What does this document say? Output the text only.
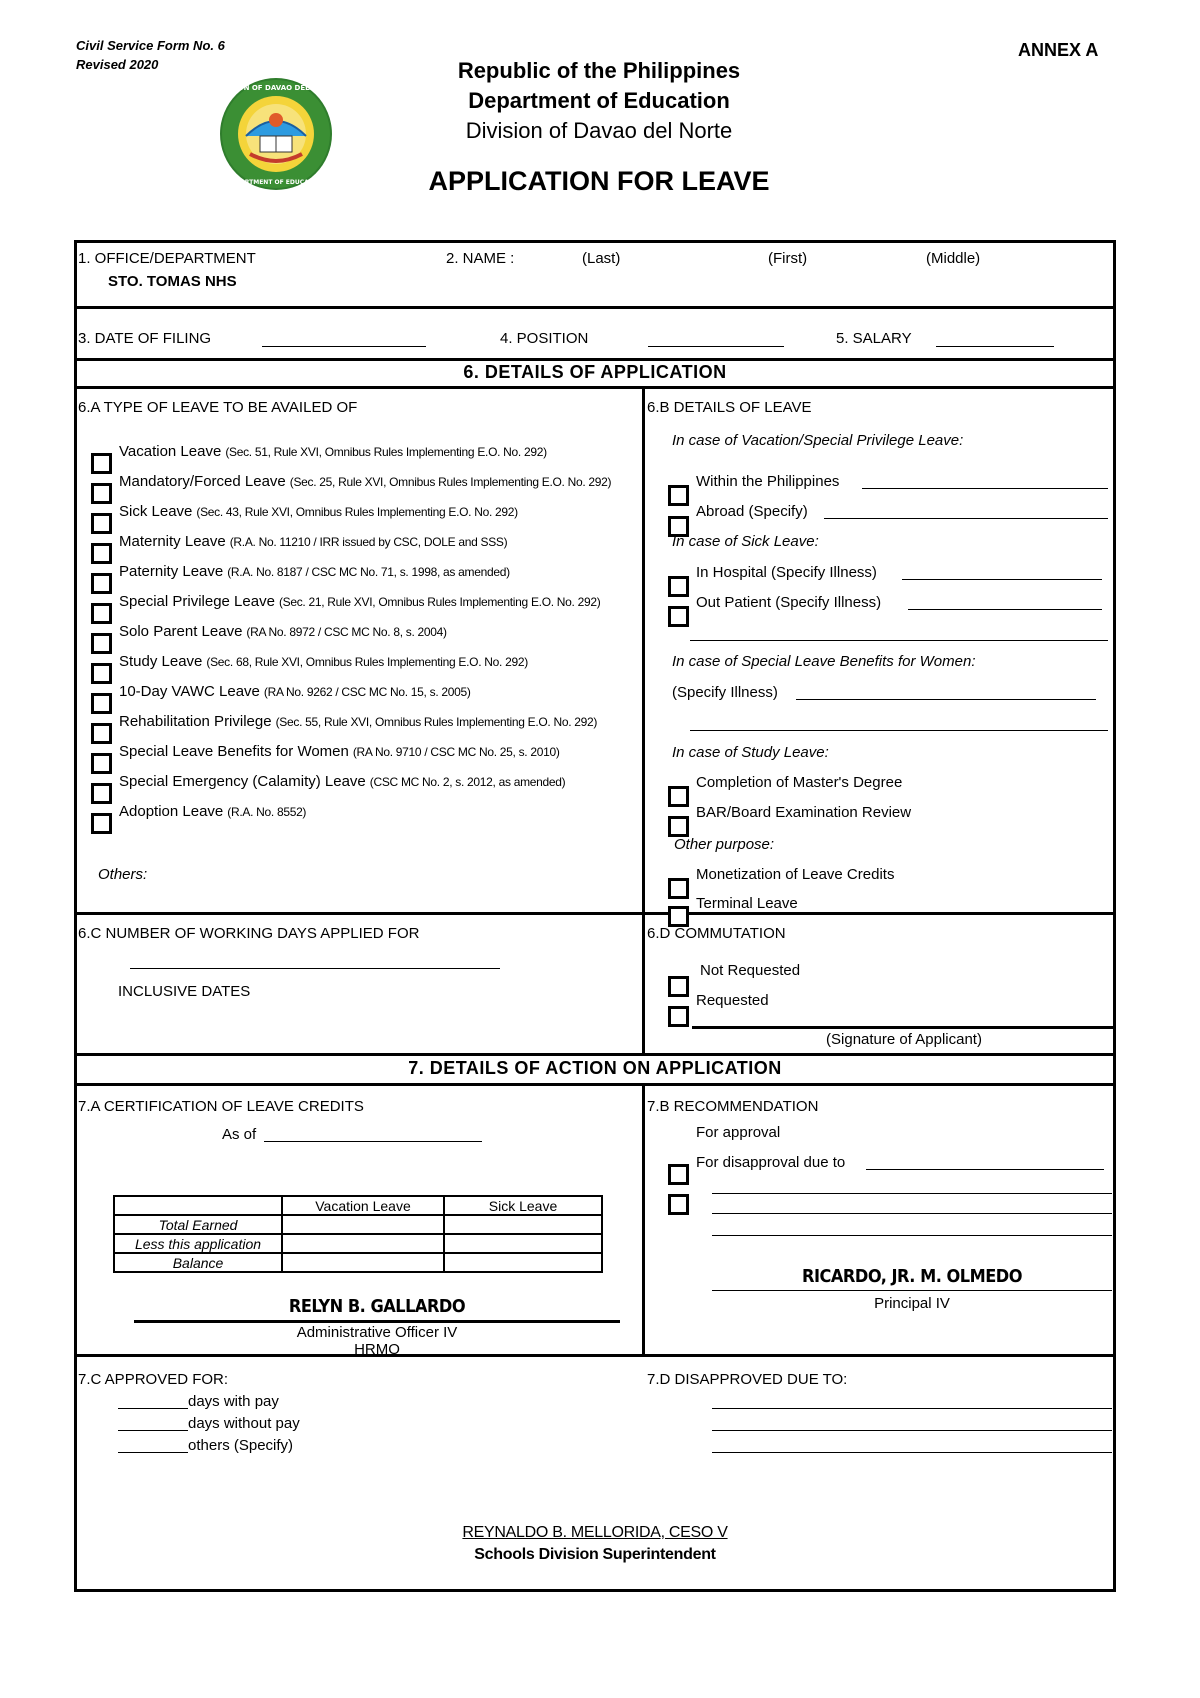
Civil Service Form No. 6
Revised 2020
ANNEX A
DIVISION OF DAVAO DEL NORTE
DEPARTMENT OF EDUCATION
Republic of the Philippines
Department of Education
Division of Davao del Norte
APPLICATION FOR LEAVE
1. OFFICE/DEPARTMENT
STO. TOMAS NHS
2. NAME :	(Last)	(First)	(Middle)
3. DATE OF FILING	4. POSITION	5. SALARY
6. DETAILS OF APPLICATION
6.A TYPE OF LEAVE TO BE AVAILED OF
Vacation Leave (Sec. 51, Rule XVI, Omnibus Rules Implementing E.O. No. 292)
Mandatory/Forced Leave (Sec. 25, Rule XVI, Omnibus Rules Implementing E.O. No. 292)
Sick Leave (Sec. 43, Rule XVI, Omnibus Rules Implementing E.O. No. 292)
Maternity Leave (R.A. No. 11210 / IRR issued by CSC, DOLE and SSS)
Paternity Leave (R.A. No. 8187 / CSC MC No. 71, s. 1998, as amended)
Special Privilege Leave (Sec. 21, Rule XVI, Omnibus Rules Implementing E.O. No. 292)
Solo Parent Leave (RA No. 8972 / CSC MC No. 8, s. 2004)
Study Leave (Sec. 68, Rule XVI, Omnibus Rules Implementing E.O. No. 292)
10-Day VAWC Leave (RA No. 9262 / CSC MC No. 15, s. 2005)
Rehabilitation Privilege (Sec. 55, Rule XVI, Omnibus Rules Implementing E.O. No. 292)
Special Leave Benefits for Women (RA No. 9710 / CSC MC No. 25, s. 2010)
Special Emergency (Calamity) Leave (CSC MC No. 2, s. 2012, as amended)
Adoption Leave (R.A. No. 8552)
Others:
6.B DETAILS OF LEAVE
In case of Vacation/Special Privilege Leave:
Within the Philippines
Abroad (Specify)
In case of Sick Leave:
In Hospital (Specify Illness)
Out Patient (Specify Illness)
In case of Special Leave Benefits for Women:
(Specify Illness)
In case of Study Leave:
Completion of Master's Degree
BAR/Board Examination Review
Other purpose:
Monetization of Leave Credits
Terminal Leave
6.C NUMBER OF WORKING DAYS APPLIED FOR
INCLUSIVE DATES
6.D COMMUTATION
Not Requested
Requested
(Signature of Applicant)
7. DETAILS OF ACTION ON APPLICATION
7.A CERTIFICATION OF LEAVE CREDITS
As of
	Vacation Leave	Sick Leave
Total Earned		
Less this application		
Balance		
RELYN B. GALLARDO
Administrative Officer IV
HRMO
7.B RECOMMENDATION
For approval
For disapproval due to
RICARDO, JR. M. OLMEDO
Principal IV
7.C APPROVED FOR:
days with pay
days without pay
others (Specify)
7.D DISAPPROVED DUE TO:
REYNALDO B. MELLORIDA, CESO V
Schools Division Superintendent
